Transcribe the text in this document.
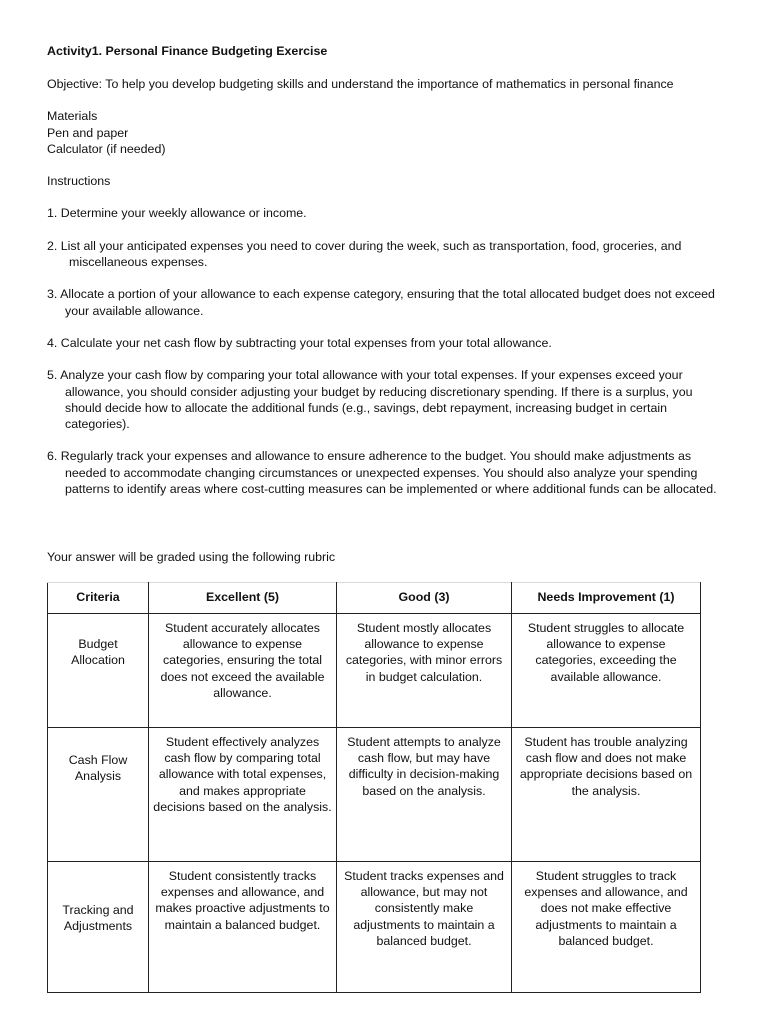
Activity1. Personal Finance Budgeting Exercise

Objective: To help you develop budgeting skills and understand the importance of mathematics in personal finance

Materials

Pen and paper

Calculator (if needed)

Instructions

1. Determine your weekly allowance or income.
2. List all your anticipated expenses you need to cover during the week, such as transportation, food, groceries, and miscellaneous expenses.
3. Allocate a portion of your allowance to each expense category, ensuring that the total allocated budget does not exceed your available allowance.
4. Calculate your net cash flow by subtracting your total expenses from your total allowance.
5. Analyze your cash flow by comparing your total allowance with your total expenses. If your expenses exceed your allowance, you should consider adjusting your budget by reducing discretionary spending. If there is a surplus, you should decide how to allocate the additional funds (e.g., savings, debt repayment, increasing budget in certain categories).
6. Regularly track your expenses and allowance to ensure adherence to the budget. You should make adjustments as needed to accommodate changing circumstances or unexpected expenses. You should also analyze your spending patterns to identify areas where cost-cutting measures can be implemented or where additional funds can be allocated.

Your answer will be graded using the following rubric

Criteria	Excellent (5)	Good (3)	Needs Improvement (1)
Budget Allocation	Student accurately allocates allowance to expense categories, ensuring the total does not exceed the available allowance.	Student mostly allocates allowance to expense categories, with minor errors in budget calculation.	Student struggles to allocate allowance to expense categories, exceeding the available allowance.
Cash Flow Analysis	Student effectively analyzes cash flow by comparing total allowance with total expenses, and makes appropriate decisions based on the analysis.	Student attempts to analyze cash flow, but may have difficulty in decision-making based on the analysis.	Student has trouble analyzing cash flow and does not make appropriate decisions based on the analysis.
Tracking and Adjustments	Student consistently tracks expenses and allowance, and makes proactive adjustments to maintain a balanced budget.	Student tracks expenses and allowance, but may not consistently make adjustments to maintain a balanced budget.	Student struggles to track expenses and allowance, and does not make effective adjustments to maintain a balanced budget.
